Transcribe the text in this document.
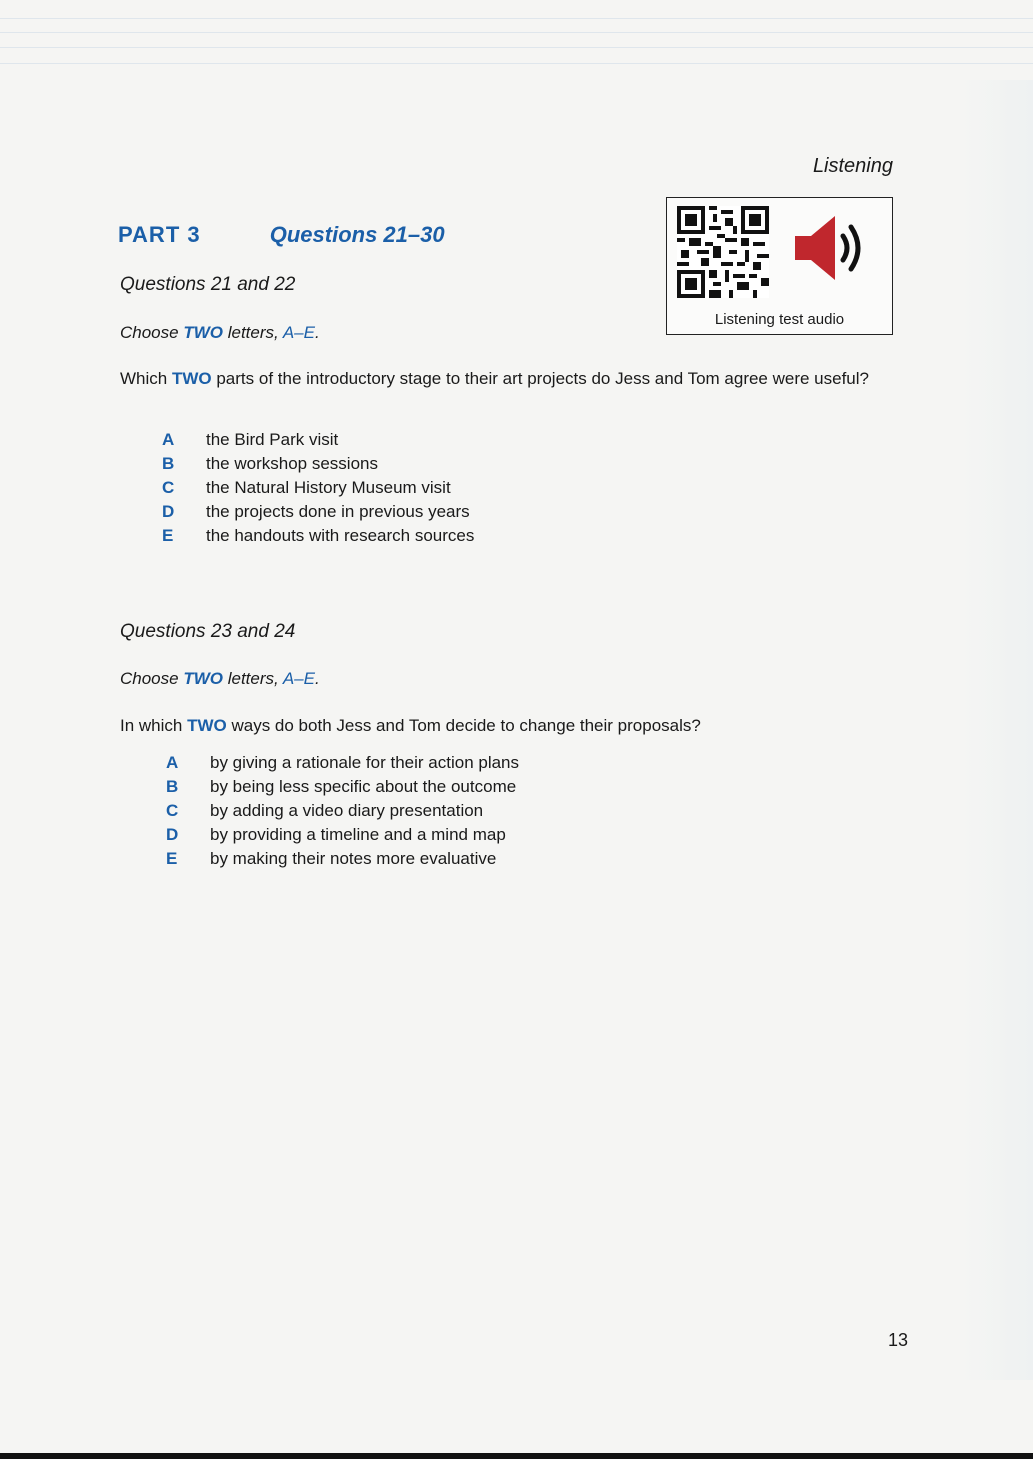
Listening
PART 3	Questions 21–30
Listening test audio
Questions 21 and 22
Choose TWO letters, A–E.
Which TWO parts of the introductory stage to their art projects do Jess and Tom agree were useful?
A	the Bird Park visit
B	the workshop sessions
C	the Natural History Museum visit
D	the projects done in previous years
E	the handouts with research sources
Questions 23 and 24
Choose TWO letters, A–E.
In which TWO ways do both Jess and Tom decide to change their proposals?
A	by giving a rationale for their action plans
B	by being less specific about the outcome
C	by adding a video diary presentation
D	by providing a timeline and a mind map
E	by making their notes more evaluative
13
